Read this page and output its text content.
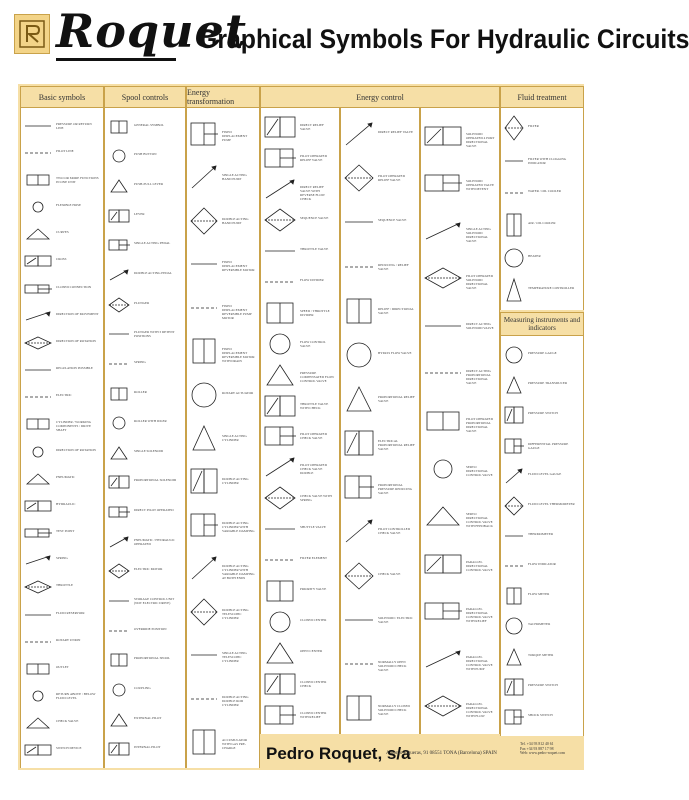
Roquet
Graphical Symbols For Hydraulic Circuits
Basic symbols	Spool controls	Energy transformation	Energy control	Fluid treatment
Measuring instruments and indicators
Pedro Roquet, s/a
Antonio Figueras, 91 08551 TONA (Barcelona) SPAIN
Tel. +34 93 812 40 61
Fax +34 93 887 17 98
Web: www.pedro-roquet.com
PRESSURE OR RETURN LINE
PILOT LINE
TWO OR MORE FUNCTIONS IN ONE UNIT
FLEXIBLE HOSE
CURVES
CROSS
CLOSED CONNECTION
DIRECTION OF MOVEMENT
DIRECTION OF ROTATION
REGULATION POSSIBLE
ELECTRIC
CYLINDER / WORKING COMPONENTS / DRIVE SHAFT
DIRECTION OF ROTATION
PNEUMATIC
HYDRAULIC
TEST POINT
SPRING
THROTTLE
FLUID RESERVOIR
ROTARY UNION
OUTLET
RETURN ABOVE / BELOW FLUID LEVEL
CHECK VALVE
SWITCH DEVICE
GENERAL SYMBOL
PUSH BUTTON
PUSH-PULL LEVER
LEVER
SINGLE ACTING PEDAL
DOUBLE ACTING PEDAL
PLUNGER
PLUNGER WITH 3 DETENT POSITIONS
SPRING
ROLLER
ROLLER WITH IDLER
SINGLE SOLENOID
PROPORTIONAL SOLENOID
DIRECT PILOT OPERATED
PNEUMATIC / HYDRAULIC OPERATED
ELECTRIC MOTOR
STORAGE CONTROL UNIT (NOT ELECTRIC DRIVE)
OVERRIDE POSITION
PROPORTIONAL SPOOL
COUPLING
EXTERNAL PILOT
INTERNAL PILOT
FIXED DISPLACEMENT PUMP
SINGLE ACTING HAND PUMP
DOUBLE ACTING HAND PUMP
FIXED DISPLACEMENT REVERSIBLE MOTOR
FIXED DISPLACEMENT REVERSIBLE PUMP MOTOR
FIXED DISPLACEMENT REVERSIBLE MOTOR WITH DRAIN
ROTARY ACTUATOR
SINGLE ACTING CYLINDER
DOUBLE ACTING CYLINDER
DOUBLE ACTING CYLINDER WITH VARIABLE DAMPING
DOUBLE ACTING CYLINDER WITH VARIABLE DAMPING AT BOTH ENDS
DOUBLE ACTING TELESCOPIC CYLINDER
SINGLE ACTING TELESCOPIC CYLINDER
DOUBLE ACTING DOUBLE ROD CYLINDER
ACCUMULATOR WITH GAS PRE-CHARGE
DIRECT RELIEF VALVE
PILOT OPERATED RELIEF VALVE
DIRECT RELIEF VALVE WITH REVERSE FLOW CHECK
SEQUENCE VALVE
THROTTLE VALVE
FLOW DIVIDER
SPEED / THROTTLE DIVIDER
FLOW CONTROL VALVE
PRESSURE COMPENSATED FLOW CONTROL VALVE
THROTTLE VALVE WITH CHECK
PILOT OPERATED CHECK VALVE
PILOT OPERATED CHECK VALVE DOUBLE
CHECK VALVE WITH SPRING
SHUTTLE VALVE
FILTER ELEMENT
PRIORITY VALVE
CLOSED CENTER
OPEN CENTER
CLOSED CENTER CHECK
CLOSED CENTER WITH RELIEF
DIRECT RELIEF VALVE
PILOT OPERATED RELIEF VALVE
SEQUENCE VALVE
REDUCING / RELIEF VALVE
RELIEF / DIRECTIONAL VALVE
BYPASS FLOW VALVE
PROPORTIONAL RELIEF VALVE
ELECTRICAL PROPORTIONAL RELIEF VALVE
PROPORTIONAL PRESSURE REDUCING VALVE
PILOT CONTROLLED CHECK VALVE
CHECK VALVE
SOLENOID / ELECTRIC VALVE
NORMALLY OPEN SOLENOID CHECK VALVE
NORMALLY CLOSED SOLENOID CHECK VALVE
SOLENOID OPERATED 4 PORT DIRECTIONAL VALVE
SOLENOID OPERATED VALVE WITH DETENT
SINGLE ACTING SOLENOID DIRECTIONAL VALVE
PILOT OPERATED SOLENOID DIRECTIONAL VALVE
DIRECT ACTING SOLENOID VALVE
DIRECT ACTING PROPORTIONAL DIRECTIONAL VALVE
PILOT OPERATED PROPORTIONAL DIRECTIONAL VALVE
SERVO DIRECTIONAL CONTROL VALVE
SERVO DIRECTIONAL CONTROL VALVE WITH FEEDBACK
PARALLEL DIRECTIONAL CONTROL VALVE
PARALLEL DIRECTIONAL CONTROL VALVE WITH RELIEF
PARALLEL DIRECTIONAL CONTROL VALVE WITH PUMP
PARALLEL DIRECTIONAL CONTROL VALVE WITH FLOW
FILTER
FILTER WITH CLOGGING INDICATOR
WATER / OIL COOLER
AIR / OIL COOLER
HEATER
TEMPERATURE CONTROLLER
PRESSURE GAUGE
PRESSURE TRANSDUCER
PRESSURE SWITCH
DIFFERENTIAL PRESSURE GAUGE
FLUID LEVEL GAUGE
FLUID LEVEL THERMOMETER
THERMOMETER
FLOW INDICATOR
FLOW METER
TACHOMETER
TORQUE METER
PRESSURE SWITCH
SHOCK SWITCH
